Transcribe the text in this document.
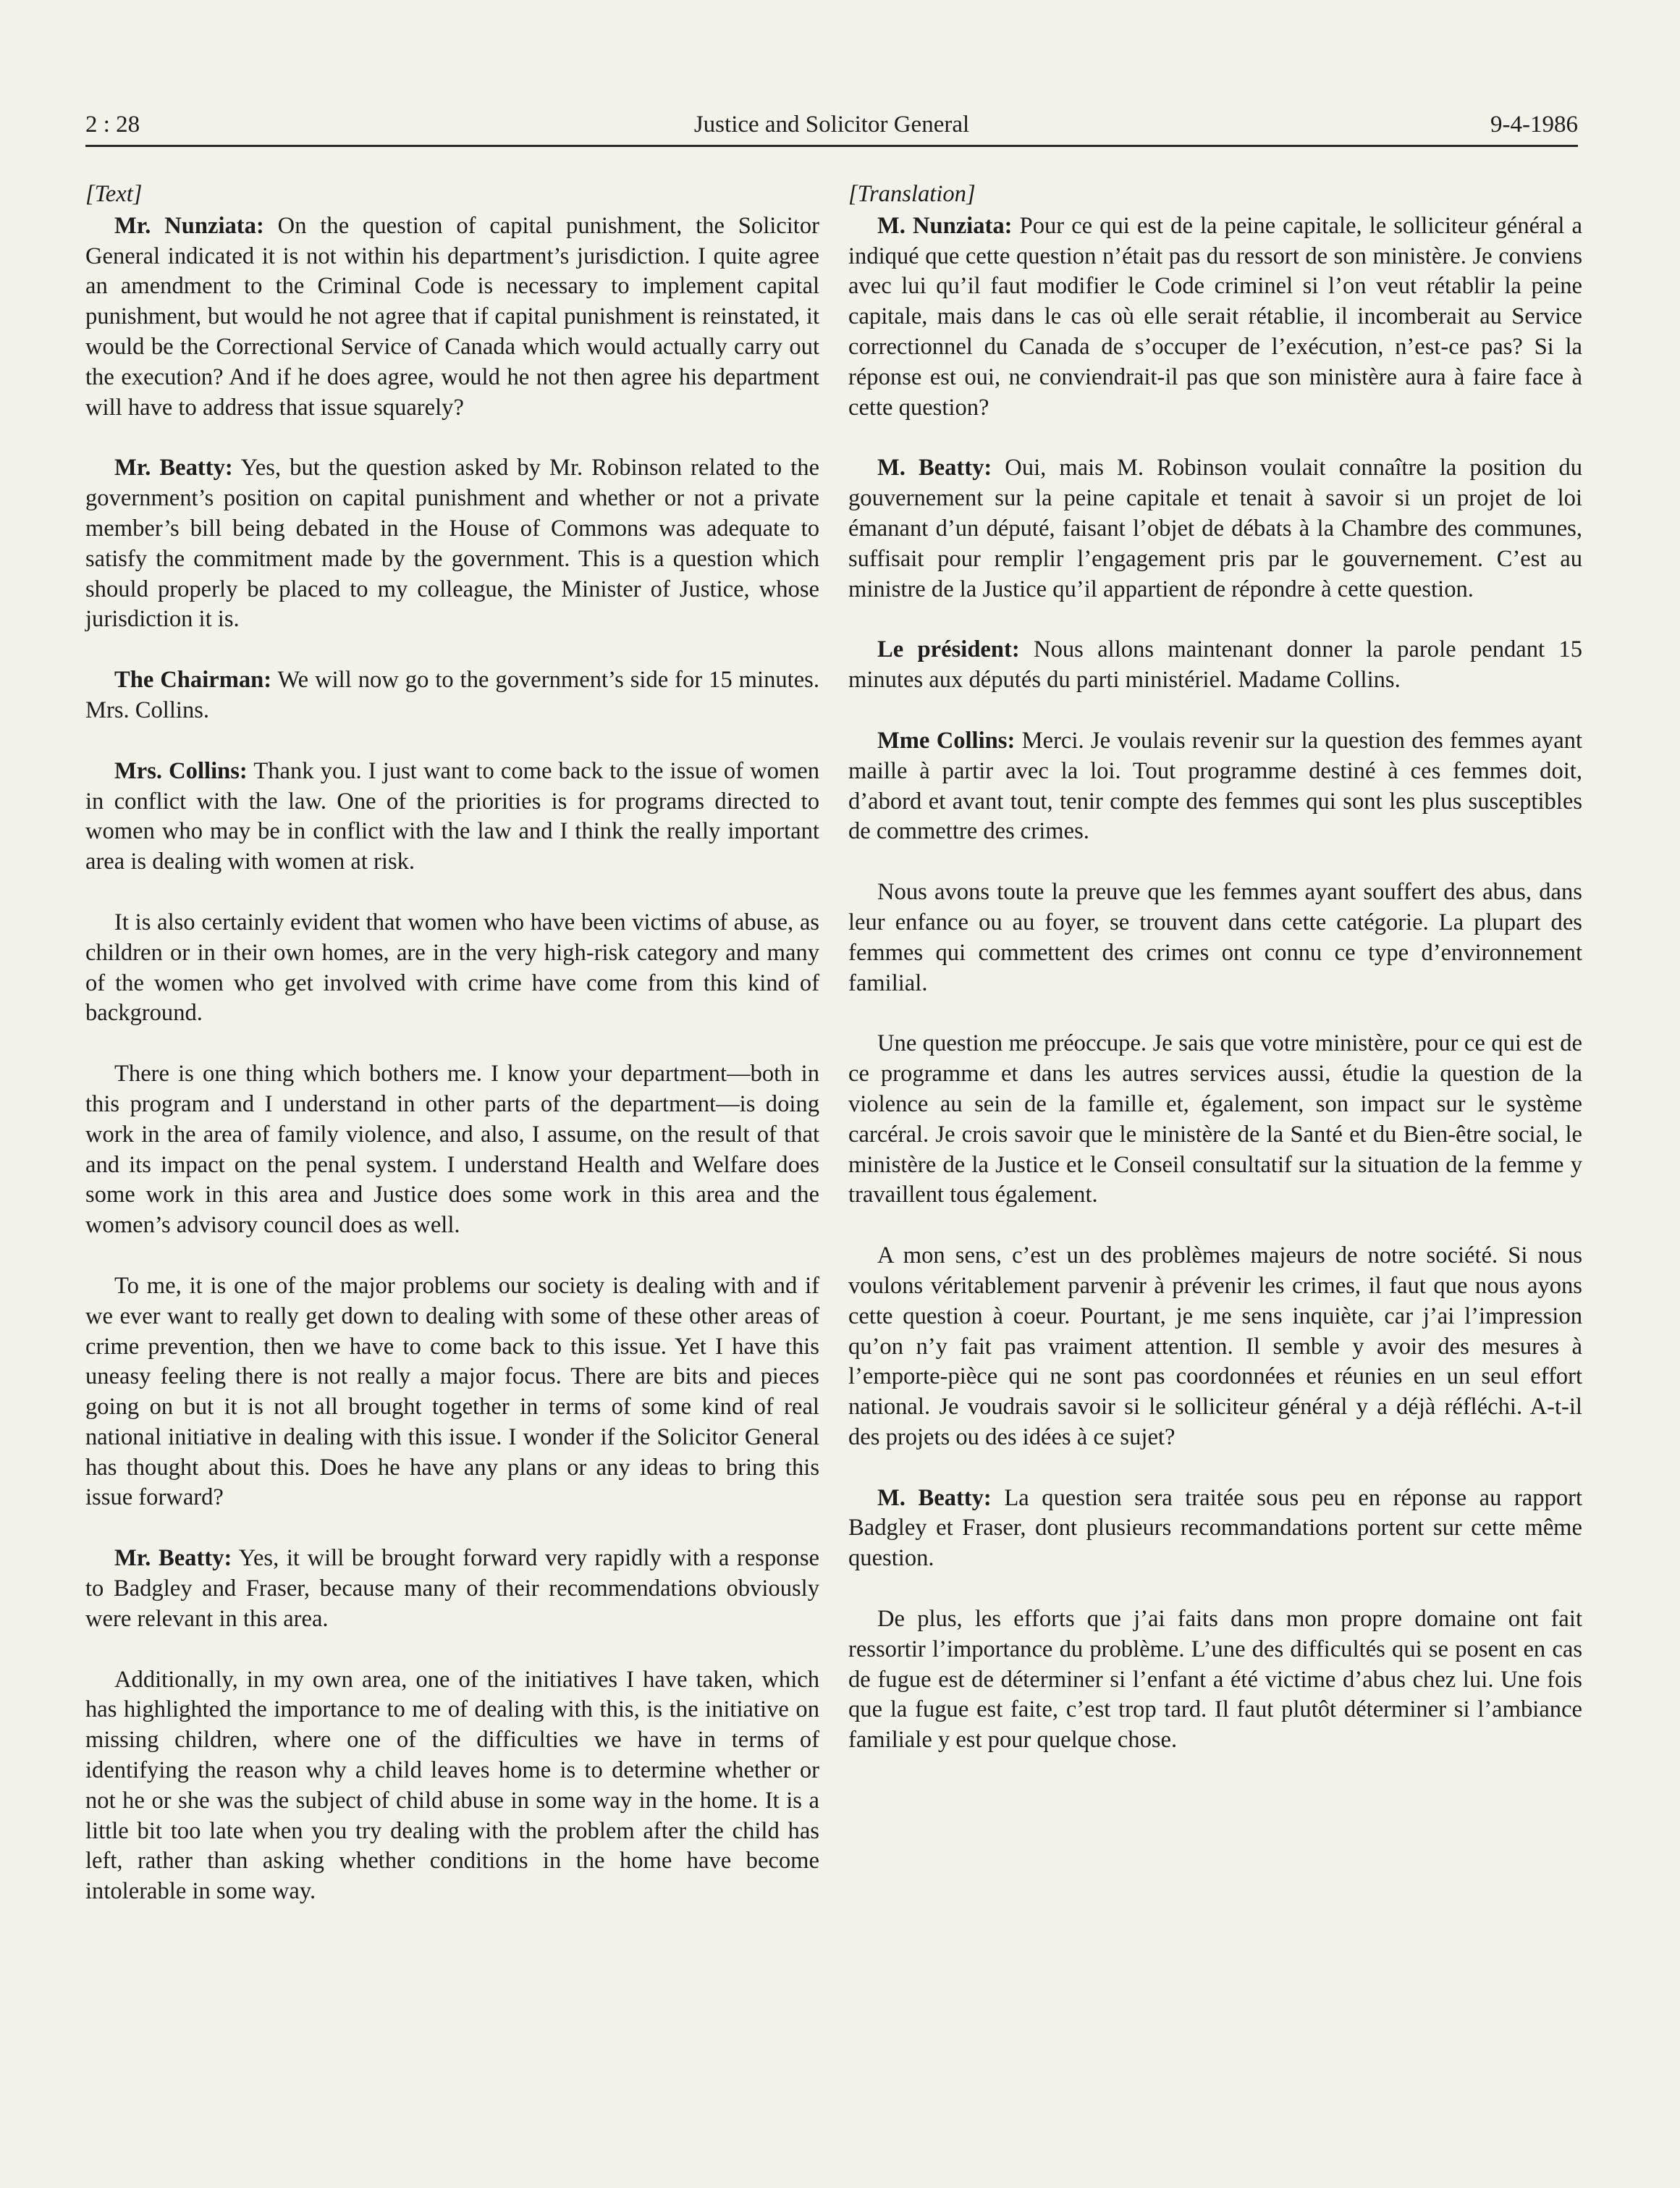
2 : 28	Justice and Solicitor General	9-4-1986
[Text]

Mr. Nunziata: On the question of capital punishment, the Solicitor General indicated it is not within his department’s jurisdiction. I quite agree an amendment to the Criminal Code is necessary to implement capital punishment, but would he not agree that if capital punishment is reinstated, it would be the Correctional Service of Canada which would actually carry out the execution? And if he does agree, would he not then agree his department will have to address that issue squarely?

Mr. Beatty: Yes, but the question asked by Mr. Robinson related to the government’s position on capital punishment and whether or not a private member’s bill being debated in the House of Commons was adequate to satisfy the commitment made by the government. This is a question which should properly be placed to my colleague, the Minister of Justice, whose jurisdiction it is.

The Chairman: We will now go to the government’s side for 15 minutes. Mrs. Collins.

Mrs. Collins: Thank you. I just want to come back to the issue of women in conflict with the law. One of the priorities is for programs directed to women who may be in conflict with the law and I think the really important area is dealing with women at risk.

It is also certainly evident that women who have been victims of abuse, as children or in their own homes, are in the very high-risk category and many of the women who get involved with crime have come from this kind of background.

There is one thing which bothers me. I know your department—both in this program and I understand in other parts of the department—is doing work in the area of family violence, and also, I assume, on the result of that and its impact on the penal system. I understand Health and Welfare does some work in this area and Justice does some work in this area and the women’s advisory council does as well.

To me, it is one of the major problems our society is dealing with and if we ever want to really get down to dealing with some of these other areas of crime prevention, then we have to come back to this issue. Yet I have this uneasy feeling there is not really a major focus. There are bits and pieces going on but it is not all brought together in terms of some kind of real national initiative in dealing with this issue. I wonder if the Solicitor General has thought about this. Does he have any plans or any ideas to bring this issue forward?

Mr. Beatty: Yes, it will be brought forward very rapidly with a response to Badgley and Fraser, because many of their recommendations obviously were relevant in this area.

Additionally, in my own area, one of the initiatives I have taken, which has highlighted the importance to me of dealing with this, is the initiative on missing children, where one of the difficulties we have in terms of identifying the reason why a child leaves home is to determine whether or not he or she was the subject of child abuse in some way in the home. It is a little bit too late when you try dealing with the problem after the child has left, rather than asking whether conditions in the home have become intolerable in some way.

[Translation]

M. Nunziata: Pour ce qui est de la peine capitale, le solliciteur général a indiqué que cette question n’était pas du ressort de son ministère. Je conviens avec lui qu’il faut modifier le Code criminel si l’on veut rétablir la peine capitale, mais dans le cas où elle serait rétablie, il incomberait au Service correctionnel du Canada de s’occuper de l’exécution, n’est-ce pas? Si la réponse est oui, ne conviendrait-il pas que son ministère aura à faire face à cette question?

M. Beatty: Oui, mais M. Robinson voulait connaître la position du gouvernement sur la peine capitale et tenait à savoir si un projet de loi émanant d’un député, faisant l’objet de débats à la Chambre des communes, suffisait pour remplir l’engagement pris par le gouvernement. C’est au ministre de la Justice qu’il appartient de répondre à cette question.

Le président: Nous allons maintenant donner la parole pendant 15 minutes aux députés du parti ministériel. Madame Collins.

Mme Collins: Merci. Je voulais revenir sur la question des femmes ayant maille à partir avec la loi. Tout programme destiné à ces femmes doit, d’abord et avant tout, tenir compte des femmes qui sont les plus susceptibles de commettre des crimes.

Nous avons toute la preuve que les femmes ayant souffert des abus, dans leur enfance ou au foyer, se trouvent dans cette catégorie. La plupart des femmes qui commettent des crimes ont connu ce type d’environnement familial.

Une question me préoccupe. Je sais que votre ministère, pour ce qui est de ce programme et dans les autres services aussi, étudie la question de la violence au sein de la famille et, également, son impact sur le système carcéral. Je crois savoir que le ministère de la Santé et du Bien-être social, le ministère de la Justice et le Conseil consultatif sur la situation de la femme y travaillent tous également.

A mon sens, c’est un des problèmes majeurs de notre société. Si nous voulons véritablement parvenir à prévenir les crimes, il faut que nous ayons cette question à coeur. Pourtant, je me sens inquiète, car j’ai l’impression qu’on n’y fait pas vraiment attention. Il semble y avoir des mesures à l’emporte-pièce qui ne sont pas coordonnées et réunies en un seul effort national. Je voudrais savoir si le solliciteur général y a déjà réfléchi. A-t-il des projets ou des idées à ce sujet?

M. Beatty: La question sera traitée sous peu en réponse au rapport Badgley et Fraser, dont plusieurs recommandations portent sur cette même question.

De plus, les efforts que j’ai faits dans mon propre domaine ont fait ressortir l’importance du problème. L’une des difficultés qui se posent en cas de fugue est de déterminer si l’enfant a été victime d’abus chez lui. Une fois que la fugue est faite, c’est trop tard. Il faut plutôt déterminer si l’ambiance familiale y est pour quelque chose.
